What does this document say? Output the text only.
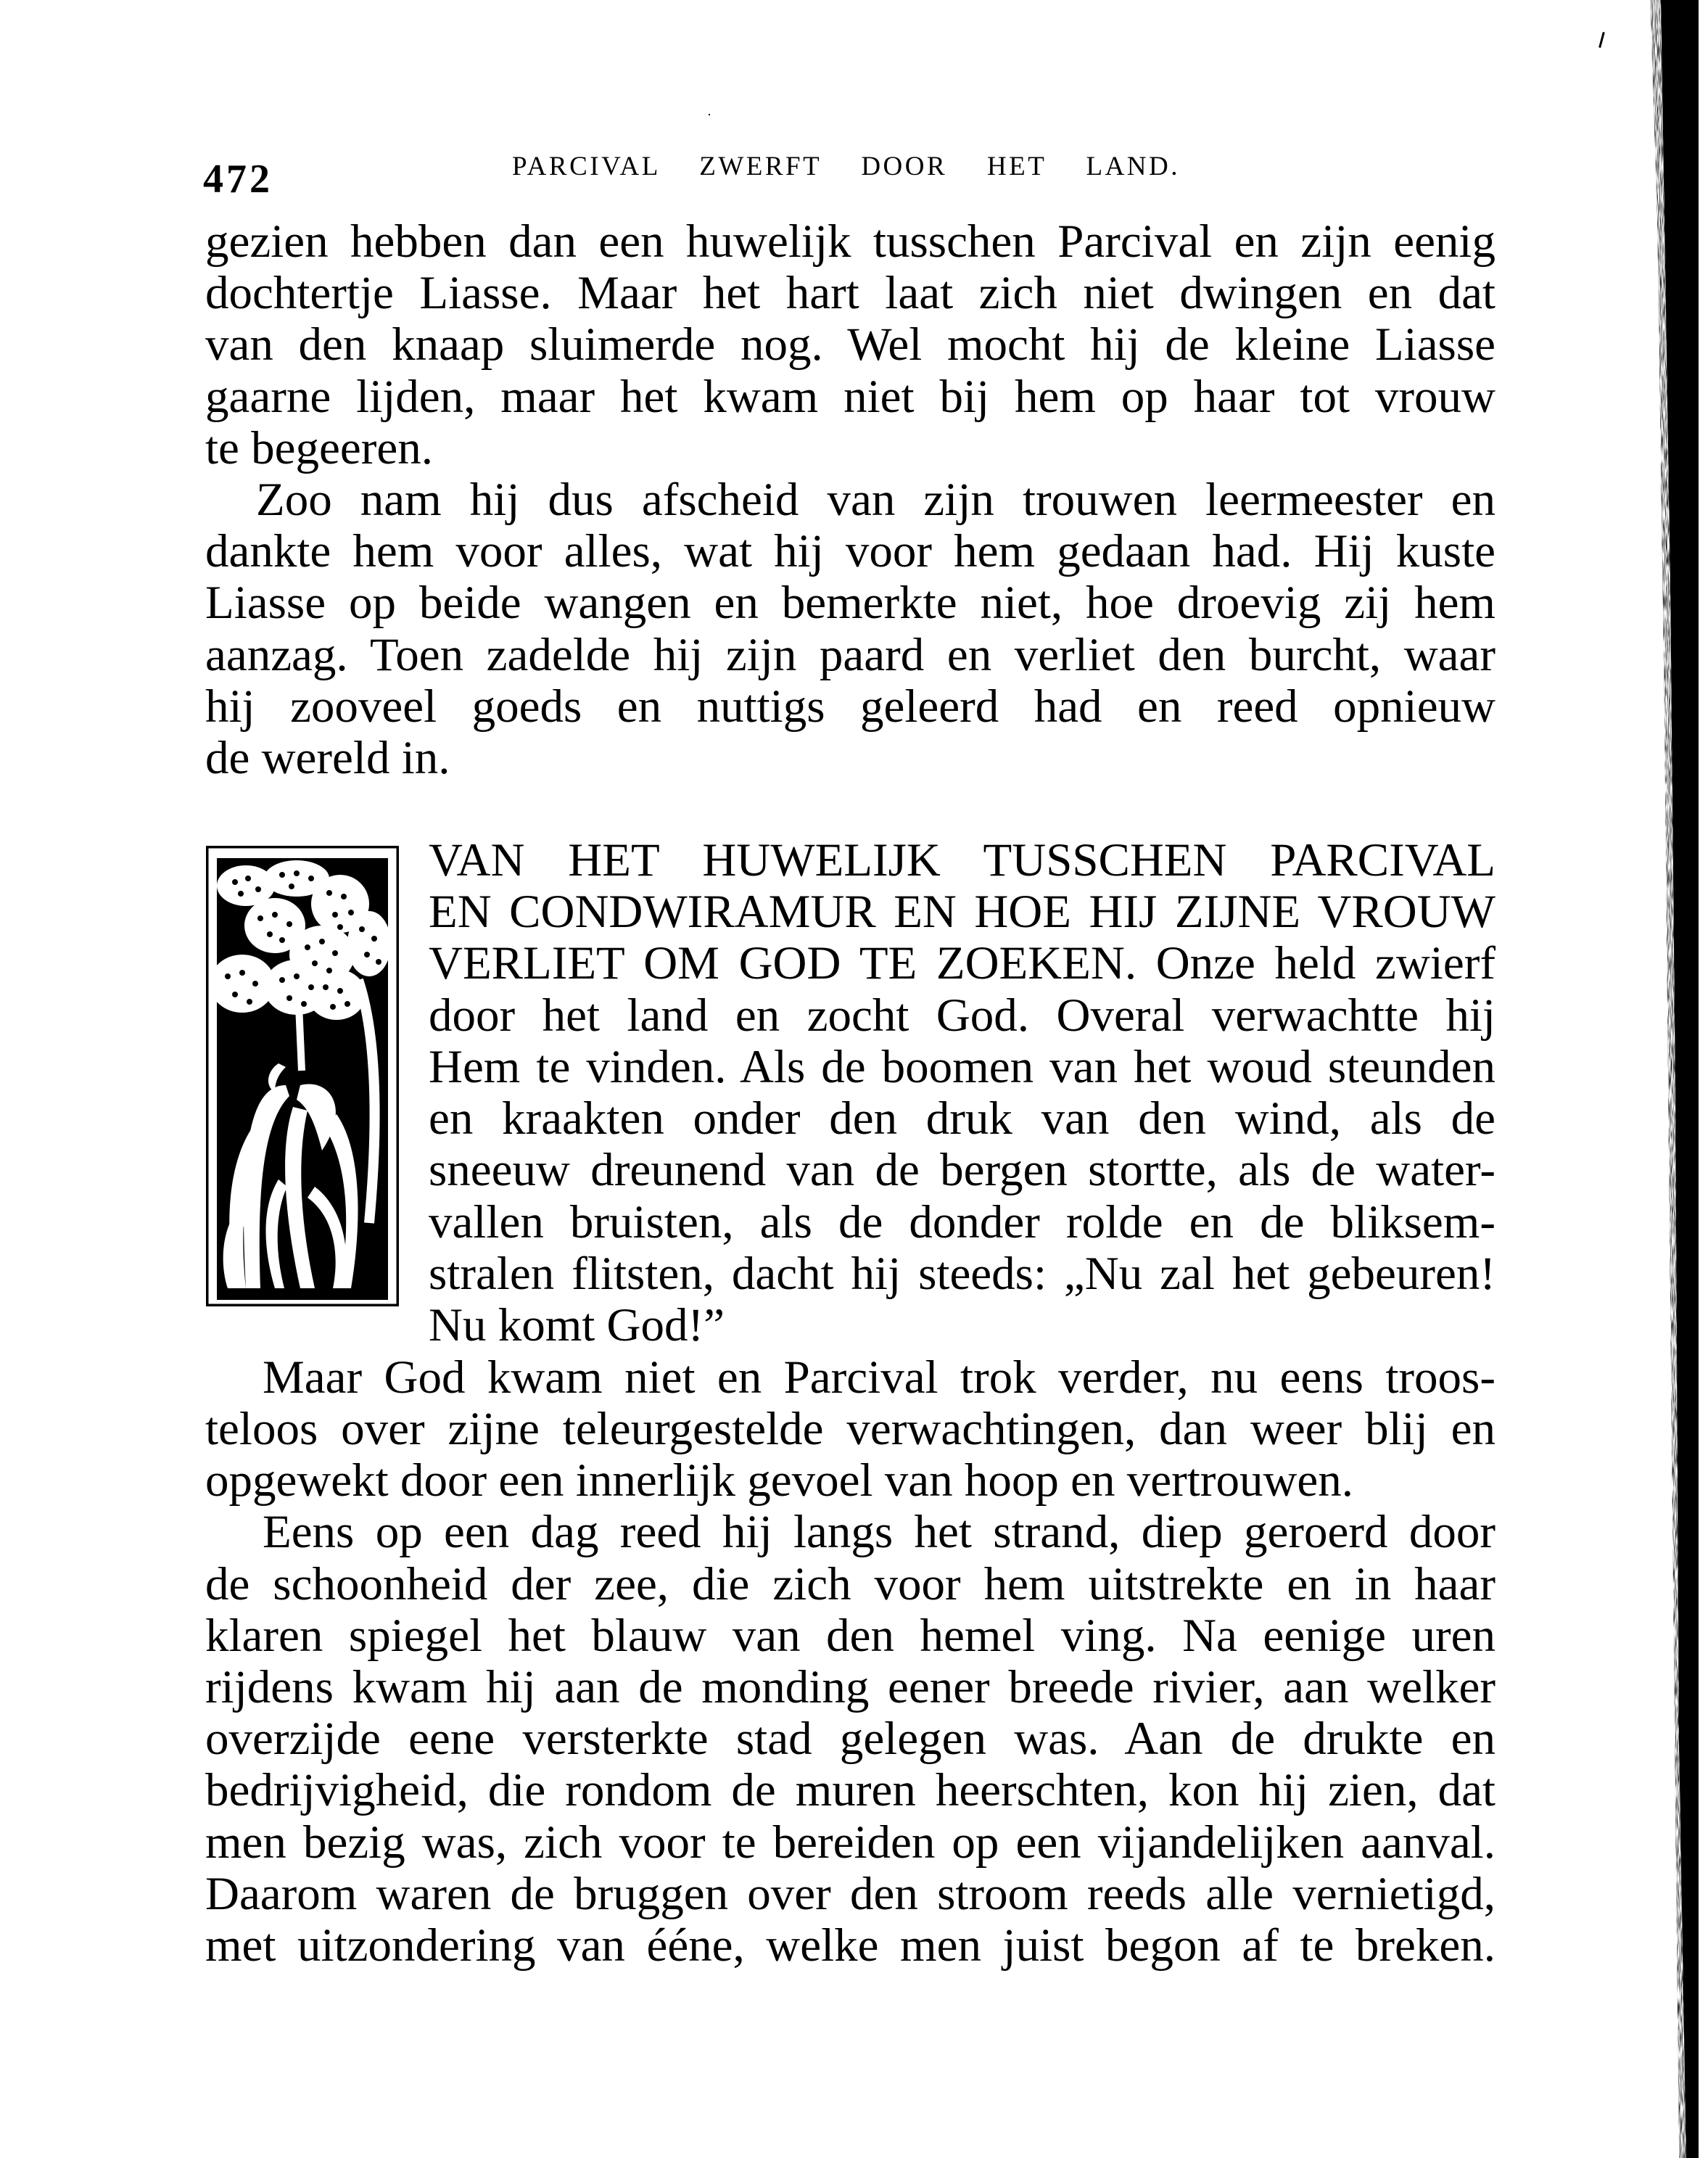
472	PARCIVAL ZWERFT DOOR HET LAND.
gezien hebben dan een huwelijk tusschen Parcival en zijn eenig
dochtertje Liasse. Maar het hart laat zich niet dwingen en dat
van den knaap sluimerde nog. Wel mocht hij de kleine Liasse
gaarne lijden, maar het kwam niet bij hem op haar tot vrouw
te begeeren.
Zoo nam hij dus afscheid van zijn trouwen leermeester en
dankte hem voor alles, wat hij voor hem gedaan had. Hij kuste
Liasse op beide wangen en bemerkte niet, hoe droevig zij hem
aanzag. Toen zadelde hij zijn paard en verliet den burcht, waar
hij zooveel goeds en nuttigs geleerd had en reed opnieuw
de wereld in.
VAN HET HUWELIJK TUSSCHEN PARCIVAL
EN CONDWIRAMUR EN HOE HIJ ZIJNE VROUW
VERLIET OM GOD TE ZOEKEN. Onze held zwierf
door het land en zocht God. Overal verwachtte hij
Hem te vinden. Als de boomen van het woud steunden
en kraakten onder den druk van den wind, als de
sneeuw dreunend van de bergen stortte, als de water-
vallen bruisten, als de donder rolde en de bliksem-
stralen flitsten, dacht hij steeds: „Nu zal het gebeuren!
Nu komt God!”
Maar God kwam niet en Parcival trok verder, nu eens troos-
teloos over zijne teleurgestelde verwachtingen, dan weer blij en
opgewekt door een innerlijk gevoel van hoop en vertrouwen.
Eens op een dag reed hij langs het strand, diep geroerd door
de schoonheid der zee, die zich voor hem uitstrekte en in haar
klaren spiegel het blauw van den hemel ving. Na eenige uren
rijdens kwam hij aan de monding eener breede rivier, aan welker
overzijde eene versterkte stad gelegen was. Aan de drukte en
bedrijvigheid, die rondom de muren heerschten, kon hij zien, dat
men bezig was, zich voor te bereiden op een vijandelijken aanval.
Daarom waren de bruggen over den stroom reeds alle vernietigd,
met uitzondering van ééne, welke men juist begon af te breken.
